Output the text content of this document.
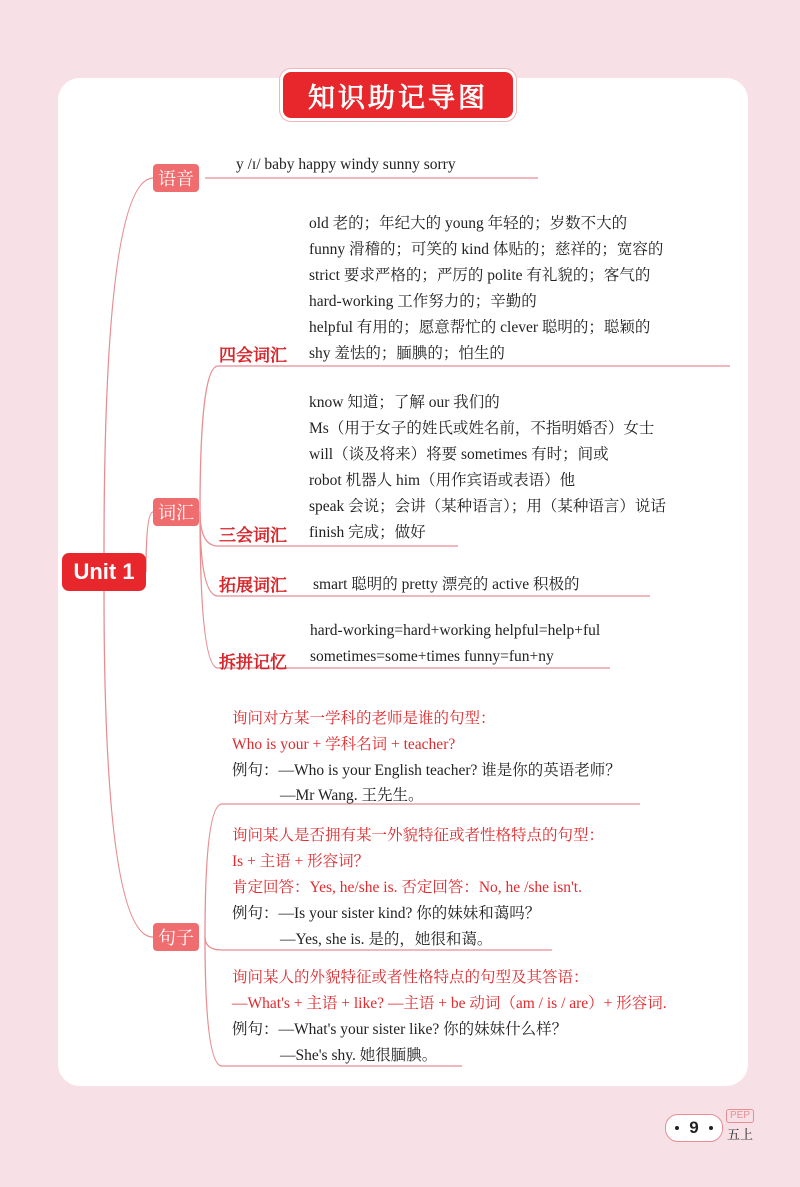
知识助记导图
Unit 1
语音
词汇
句子
y /ɪ/ baby happy windy sunny sorry
四会词汇
old 老的；年纪大的 young 年轻的；岁数不大的
funny 滑稽的；可笑的 kind 体贴的；慈祥的；宽容的
strict 要求严格的；严厉的 polite 有礼貌的；客气的
hard-working 工作努力的；辛勤的
helpful 有用的；愿意帮忙的 clever 聪明的；聪颖的
shy 羞怯的；腼腆的；怕生的
三会词汇
know 知道；了解 our 我们的
Ms（用于女子的姓氏或姓名前，不指明婚否）女士
will（谈及将来）将要 sometimes 有时；间或
robot 机器人 him（用作宾语或表语）他
speak 会说；会讲（某种语言）；用（某种语言）说话
finish 完成；做好
拓展词汇 smart 聪明的 pretty 漂亮的 active 积极的
拆拼记忆
hard-working=hard+working helpful=help+ful
sometimes=some+times funny=fun+ny
询问对方某一学科的老师是谁的句型：
Who is your + 学科名词 + teacher?
例句：—Who is your English teacher? 谁是你的英语老师？
—Mr Wang. 王先生。
询问某人是否拥有某一外貌特征或者性格特点的句型：
Is + 主语 + 形容词？
肯定回答：Yes, he/she is. 否定回答：No, he /she isn't.
例句：—Is your sister kind? 你的妹妹和蔼吗？
—Yes, she is. 是的，她很和蔼。
询问某人的外貌特征或者性格特点的句型及其答语：
—What's + 主语 + like? —主语 + be 动词（am / is / are）+ 形容词.
例句：—What's your sister like? 你的妹妹什么样？
—She's shy. 她很腼腆。
9
PEP
五上
